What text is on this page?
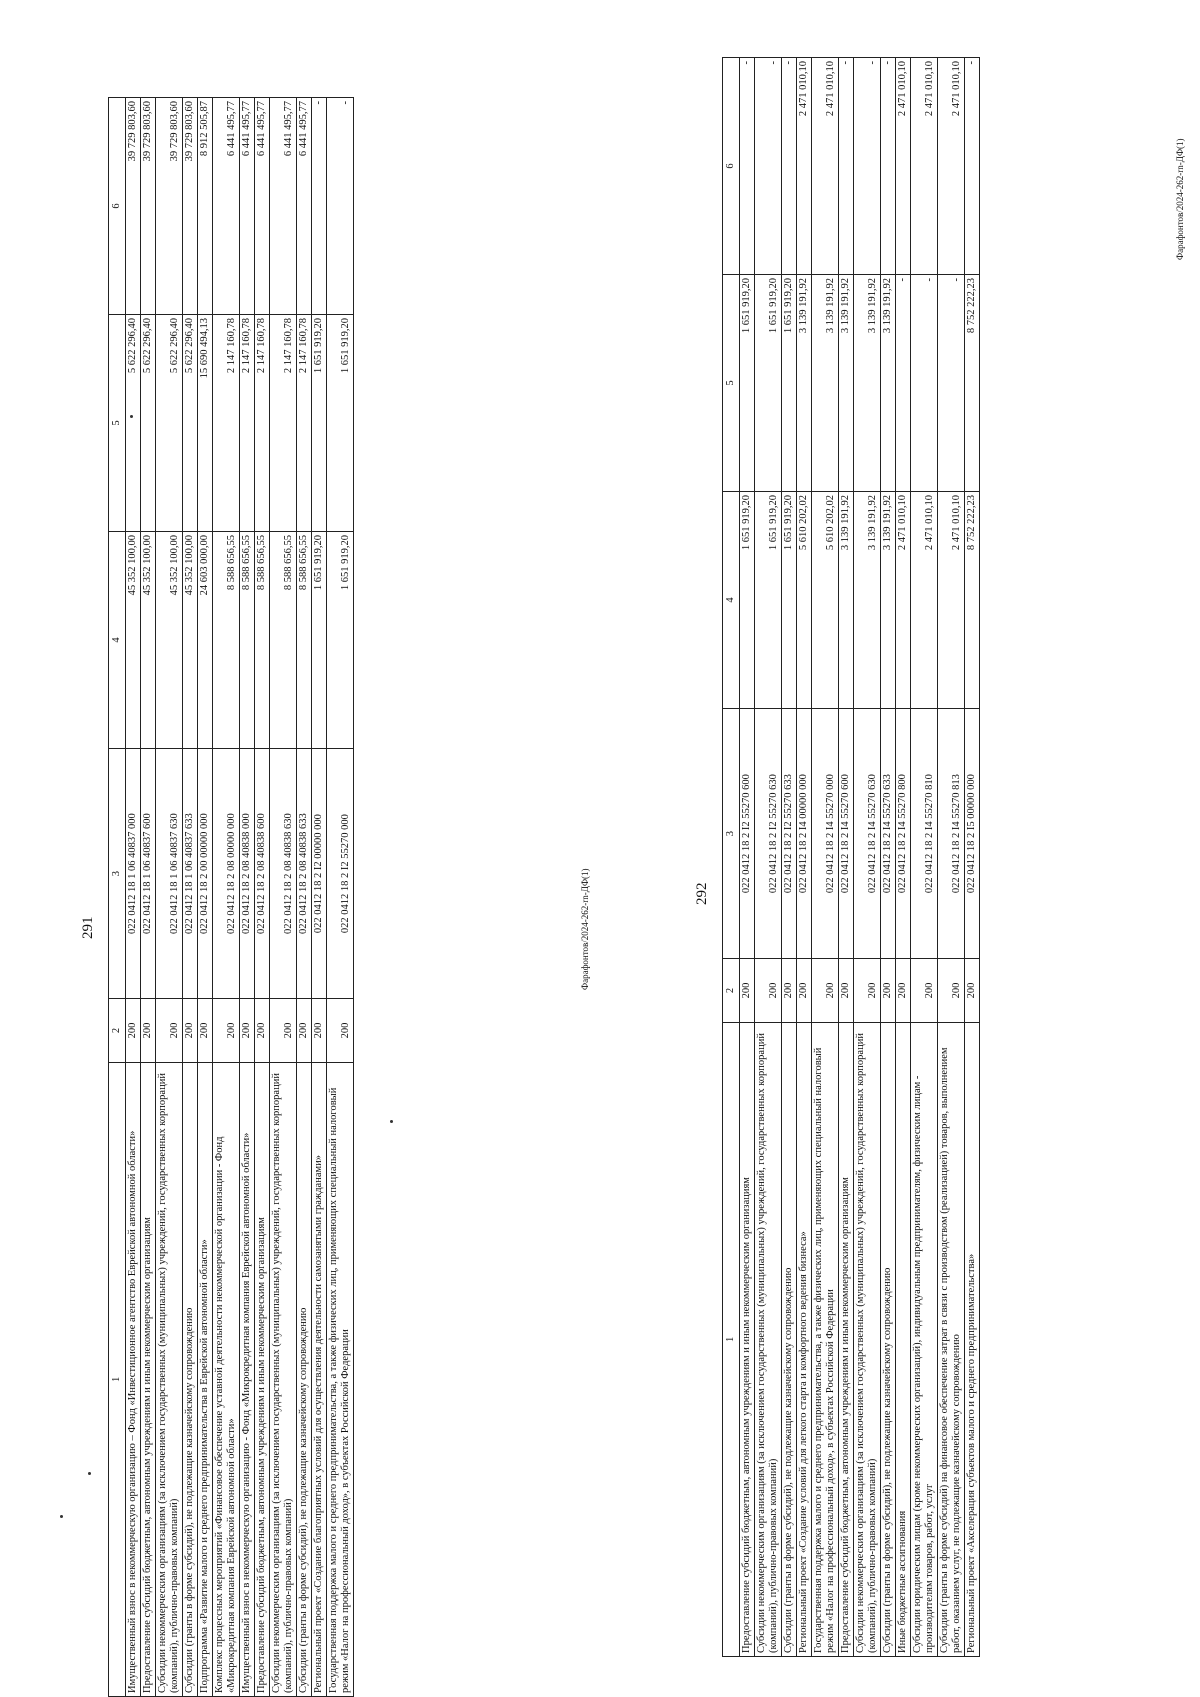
291
1	2	3	4	5	6
Имущественный взнос в некоммерческую организацию – Фонд «Инвестиционное агентство Еврейской автономной области»	200	022 0412 18 1 06 40837 000	45 352 100,00	5 622 296,40	39 729 803,60
Предоставление субсидий бюджетным, автономным учреждениям и иным некоммерческим организациям	200	022 0412 18 1 06 40837 600	45 352 100,00	5 622 296,40	39 729 803,60
Субсидии некоммерческим организациям (за исключением государственных (муниципальных) учреждений, государственных корпораций (компаний), публично-правовых компаний)	200	022 0412 18 1 06 40837 630	45 352 100,00	5 622 296,40	39 729 803,60
Субсидии (гранты в форме субсидий), не подлежащие казначейскому сопровождению	200	022 0412 18 1 06 40837 633	45 352 100,00	5 622 296,40	39 729 803,60
Подпрограмма «Развитие малого и среднего предпринимательства в Еврейской автономной области»	200	022 0412 18 2 00 00000 000	24 603 000,00	15 690 494,13	8 912 505,87
Комплекс процессных мероприятий «Финансовое обеспечение уставной деятельности некоммерческой организации - Фонд «Микрокредитная компания Еврейской автономной области»	200	022 0412 18 2 08 00000 000	8 588 656,55	2 147 160,78	6 441 495,77
Имущественный взнос в некоммерческую организацию - Фонд «Микрокредитная компания Еврейской автономной области»	200	022 0412 18 2 08 40838 000	8 588 656,55	2 147 160,78	6 441 495,77
Предоставление субсидий бюджетным, автономным учреждениям и иным некоммерческим организациям	200	022 0412 18 2 08 40838 600	8 588 656,55	2 147 160,78	6 441 495,77
Субсидии некоммерческим организациям (за исключением государственных (муниципальных) учреждений, государственных корпораций (компаний), публично-правовых компаний)	200	022 0412 18 2 08 40838 630	8 588 656,55	2 147 160,78	6 441 495,77
Субсидии (гранты в форме субсидий), не подлежащие казначейскому сопровождению	200	022 0412 18 2 08 40838 633	8 588 656,55	2 147 160,78	6 441 495,77
Региональный проект «Создание благоприятных условий для осуществления деятельности самозанятыми гражданами»	200	022 0412 18 2 I2 00000 000	1 651 919,20	1 651 919,20	-
Государственная поддержка малого и среднего предпринимательства, а также физических лиц, применяющих специальный налоговый режим «Налог на профессиональный доход», в субъектах Российской Федерации	200	022 0412 18 2 I2 55270 000	1 651 919,20	1 651 919,20	-
292
1	2	3	4	5	6
Предоставление субсидий бюджетным, автономным учреждениям и иным некоммерческим организациям	200	022 0412 18 2 I2 55270 600	1 651 919,20	1 651 919,20	-
Субсидии некоммерческим организациям (за исключением государственных (муниципальных) учреждений, государственных корпораций (компаний), публично-правовых компаний)	200	022 0412 18 2 I2 55270 630	1 651 919,20	1 651 919,20	-
Субсидии (гранты в форме субсидий), не подлежащие казначейскому сопровождению	200	022 0412 18 2 I2 55270 633	1 651 919,20	1 651 919,20	-
Региональный проект «Создание условий для легкого старта и комфортного ведения бизнеса»	200	022 0412 18 2 I4 00000 000	5 610 202,02	3 139 191,92	2 471 010,10
Государственная поддержка малого и среднего предпринимательства, а также физических лиц, применяющих специальный налоговый режим «Налог на профессиональный доход», в субъектах Российской Федерации	200	022 0412 18 2 I4 55270 000	5 610 202,02	3 139 191,92	2 471 010,10
Предоставление субсидий бюджетным, автономным учреждениям и иным некоммерческим организациям	200	022 0412 18 2 I4 55270 600	3 139 191,92	3 139 191,92	-
Субсидии некоммерческим организациям (за исключением государственных (муниципальных) учреждений, государственных корпораций (компаний), публично-правовых компаний)	200	022 0412 18 2 I4 55270 630	3 139 191,92	3 139 191,92	-
Субсидии (гранты в форме субсидий), не подлежащие казначейскому сопровождению	200	022 0412 18 2 I4 55270 633	3 139 191,92	3 139 191,92	-
Иные бюджетные ассигнования	200	022 0412 18 2 I4 55270 800	2 471 010,10	-	2 471 010,10
Субсидии юридическим лицам (кроме некоммерческих организаций), индивидуальным предпринимателям, физическим лицам - производителям товаров, работ, услуг	200	022 0412 18 2 I4 55270 810	2 471 010,10	-	2 471 010,10
Субсидии (гранты в форме субсидий) на финансовое обеспечение затрат в связи с производством (реализацией) товаров, выполнением работ, оказанием услуг, не подлежащие казначейскому сопровождению	200	022 0412 18 2 I4 55270 813	2 471 010,10	-	2 471 010,10
Региональный проект «Акселерация субъектов малого и среднего предпринимательства»	200	022 0412 18 2 I5 00000 000	8 752 222,23	8 752 222,23	-
Фарафонтов/2024-262-rn-ДФ(1)
Фарафонтов/2024-262-rn-ДФ(1)
